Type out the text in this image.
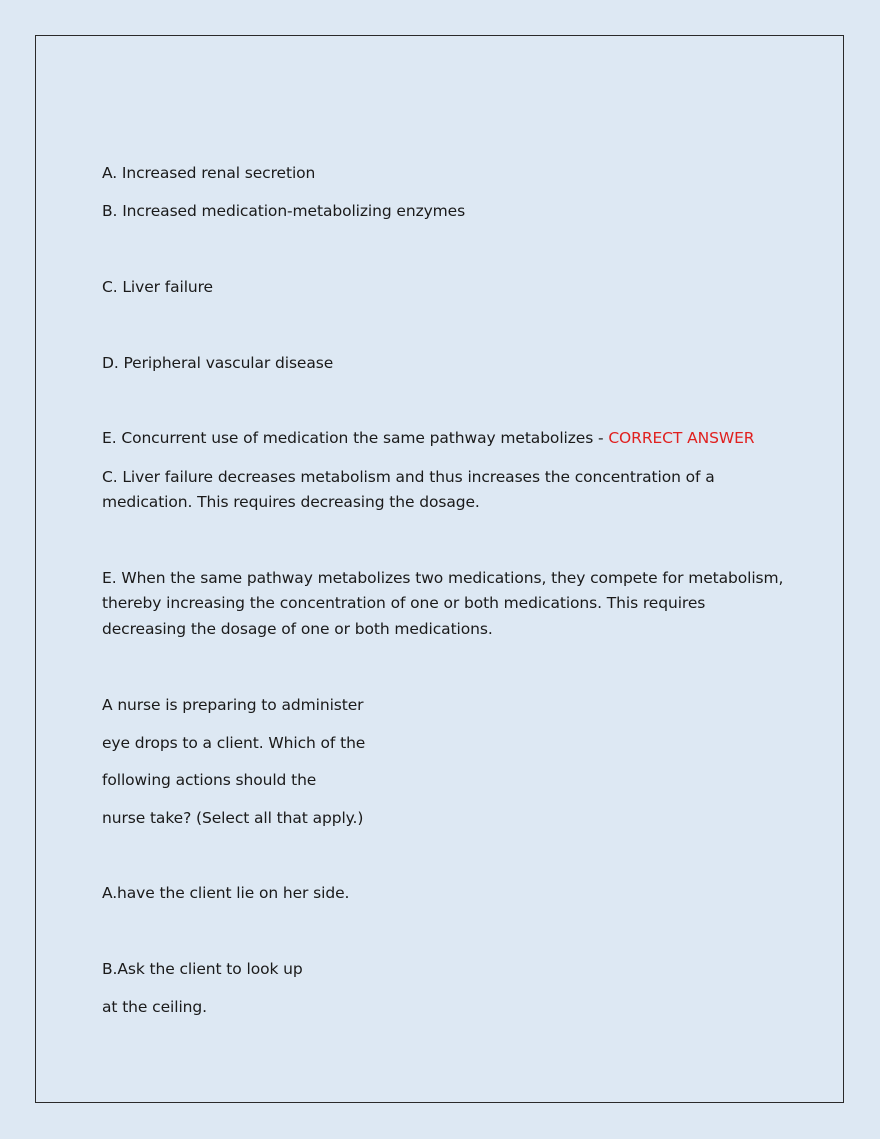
A. Increased renal secretion
B. Increased medication-metabolizing enzymes
C. Liver failure
D. Peripheral vascular disease
E. Concurrent use of medication the same pathway metabolizes - CORRECT ANSWER
C. Liver failure decreases metabolism and thus increases the concentration of a
medication. This requires decreasing the dosage.
E. When the same pathway metabolizes two medications, they compete for metabolism,
thereby increasing the concentration of one or both medications. This requires
decreasing the dosage of one or both medications.
A nurse is preparing to administer
eye drops to a client. Which of the
following actions should the
nurse take? (Select all that apply.)
A.have the client lie on her side.
B.Ask the client to look up
at the ceiling.
